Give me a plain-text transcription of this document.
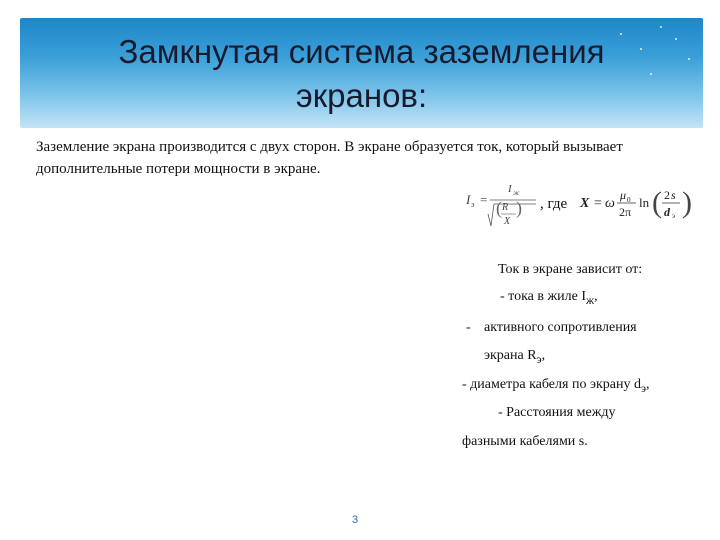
Замкнутая система заземления
экранов:
Заземление экрана производится с двух сторон. В экране образуется ток, который вызывает дополнительные потери мощности в экране.
I э =
I ж
( R
X
) , где X = ω
μ 0
2π
ln ( 2 s
d э )
Ток в экране зависит от:
- тока в жиле $I_ж$,
- активного сопротивления
экрана $R_э$,
- диаметра кабеля по экрану $d_э$,
- Расстояния между
фазными кабелями s.
3
